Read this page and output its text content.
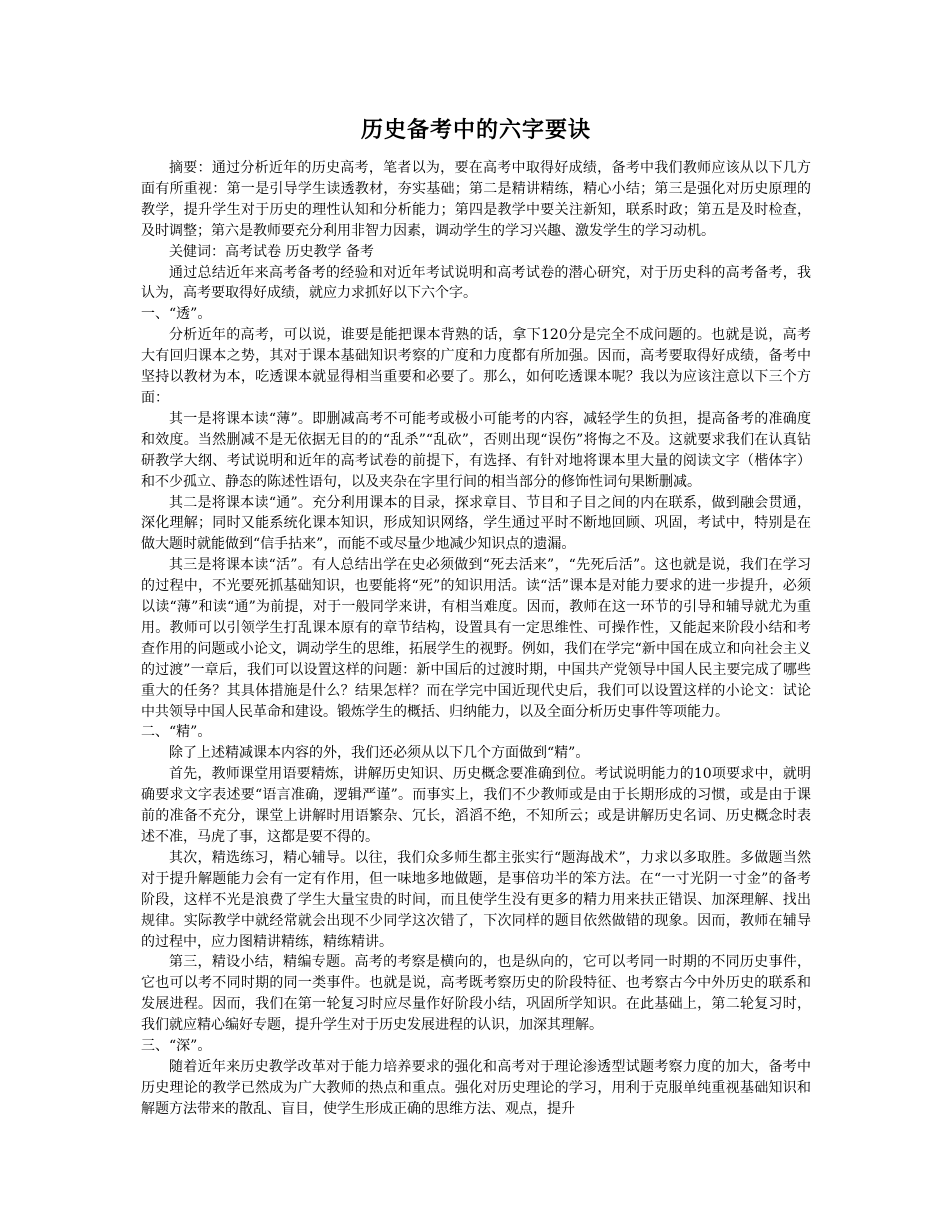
历史备考中的六字要诀

摘要：通过分析近年的历史高考，笔者以为，要在高考中取得好成绩，备考中我们教师应该从以下几方面有所重视：第一是引导学生读透教材，夯实基础；第二是精讲精练，精心小结；第三是强化对历史原理的教学，提升学生对于历史的理性认知和分析能力；第四是教学中要关注新知，联系时政；第五是及时检查，及时调整；第六是教师要充分利用非智力因素，调动学生的学习兴趣、激发学生的学习动机。

关健词：高考试卷 历史教学 备考

通过总结近年来高考备考的经验和对近年考试说明和高考试卷的潜心研究，对于历史科的高考备考，我认为，高考要取得好成绩，就应力求抓好以下六个字。

一、“透”。

分析近年的高考，可以说，谁要是能把课本背熟的话，拿下120分是完全不成问题的。也就是说，高考大有回归课本之势，其对于课本基础知识考察的广度和力度都有所加强。因而，高考要取得好成绩，备考中坚持以教材为本，吃透课本就显得相当重要和必要了。那么，如何吃透课本呢？我以为应该注意以下三个方面：

其一是将课本读“薄”。即删减高考不可能考或极小可能考的内容，减轻学生的负担，提高备考的准确度和效度。当然删减不是无依据无目的的“乱杀”“乱砍”，否则出现“误伤”将悔之不及。这就要求我们在认真钻研教学大纲、考试说明和近年的高考试卷的前提下，有选择、有针对地将课本里大量的阅读文字（楷体字）和不少孤立、静态的陈述性语句，以及夹杂在字里行间的相当部分的修饰性词句果断删减。

其二是将课本读“通”。充分利用课本的目录，探求章目、节目和子目之间的内在联系，做到融会贯通，深化理解；同时又能系统化课本知识，形成知识网络，学生通过平时不断地回顾、巩固，考试中，特别是在做大题时就能做到“信手拈来”，而能不或尽量少地减少知识点的遗漏。

其三是将课本读“活”。有人总结出学在史必须做到“死去活来”，“先死后活”。这也就是说，我们在学习的过程中，不光要死抓基础知识，也要能将“死”的知识用活。读“活”课本是对能力要求的进一步提升，必须以读“薄”和读“通”为前提，对于一般同学来讲，有相当难度。因而，教师在这一环节的引导和辅导就尤为重用。教师可以引领学生打乱课本原有的章节结构，设置具有一定思维性、可操作性，又能起来阶段小结和考查作用的问题或小论文，调动学生的思维，拓展学生的视野。例如，我们在学完“新中国在成立和向社会主义的过渡”一章后，我们可以设置这样的问题：新中国后的过渡时期，中国共产党领导中国人民主要完成了哪些重大的任务？其具体措施是什么？结果怎样？而在学完中国近现代史后，我们可以设置这样的小论文：试论中共领导中国人民革命和建设。锻炼学生的概括、归纳能力，以及全面分析历史事件等项能力。

二、“精”。

除了上述精减课本内容的外，我们还必须从以下几个方面做到“精”。

首先，教师课堂用语要精炼，讲解历史知识、历史概念要准确到位。考试说明能力的10项要求中，就明确要求文字表述要“语言准确，逻辑严谨”。而事实上，我们不少教师或是由于长期形成的习惯，或是由于课前的准备不充分，课堂上讲解时用语繁杂、冗长，滔滔不绝，不知所云；或是讲解历史名词、历史概念时表述不准，马虎了事，这都是要不得的。

其次，精选练习，精心辅导。以往，我们众多师生都主张实行“题海战术”，力求以多取胜。多做题当然对于提升解题能力会有一定有作用，但一味地多地做题，是事倍功半的笨方法。在“一寸光阴一寸金”的备考阶段，这样不光是浪费了学生大量宝贵的时间，而且使学生没有更多的精力用来扶正错误、加深理解、找出规律。实际教学中就经常就会出现不少同学这次错了，下次同样的题目依然做错的现象。因而，教师在辅导的过程中，应力图精讲精练，精练精讲。

第三，精设小结，精编专题。高考的考察是横向的，也是纵向的，它可以考同一时期的不同历史事件，它也可以考不同时期的同一类事件。也就是说，高考既考察历史的阶段特征、也考察古今中外历史的联系和发展进程。因而，我们在第一轮复习时应尽量作好阶段小结，巩固所学知识。在此基础上，第二轮复习时，我们就应精心编好专题，提升学生对于历史发展进程的认识，加深其理解。

三、“深”。

随着近年来历史教学改革对于能力培养要求的强化和高考对于理论渗透型试题考察力度的加大，备考中历史理论的教学已然成为广大教师的热点和重点。强化对历史理论的学习，用利于克服单纯重视基础知识和解题方法带来的散乱、盲目，使学生形成正确的思维方法、观点，提升
